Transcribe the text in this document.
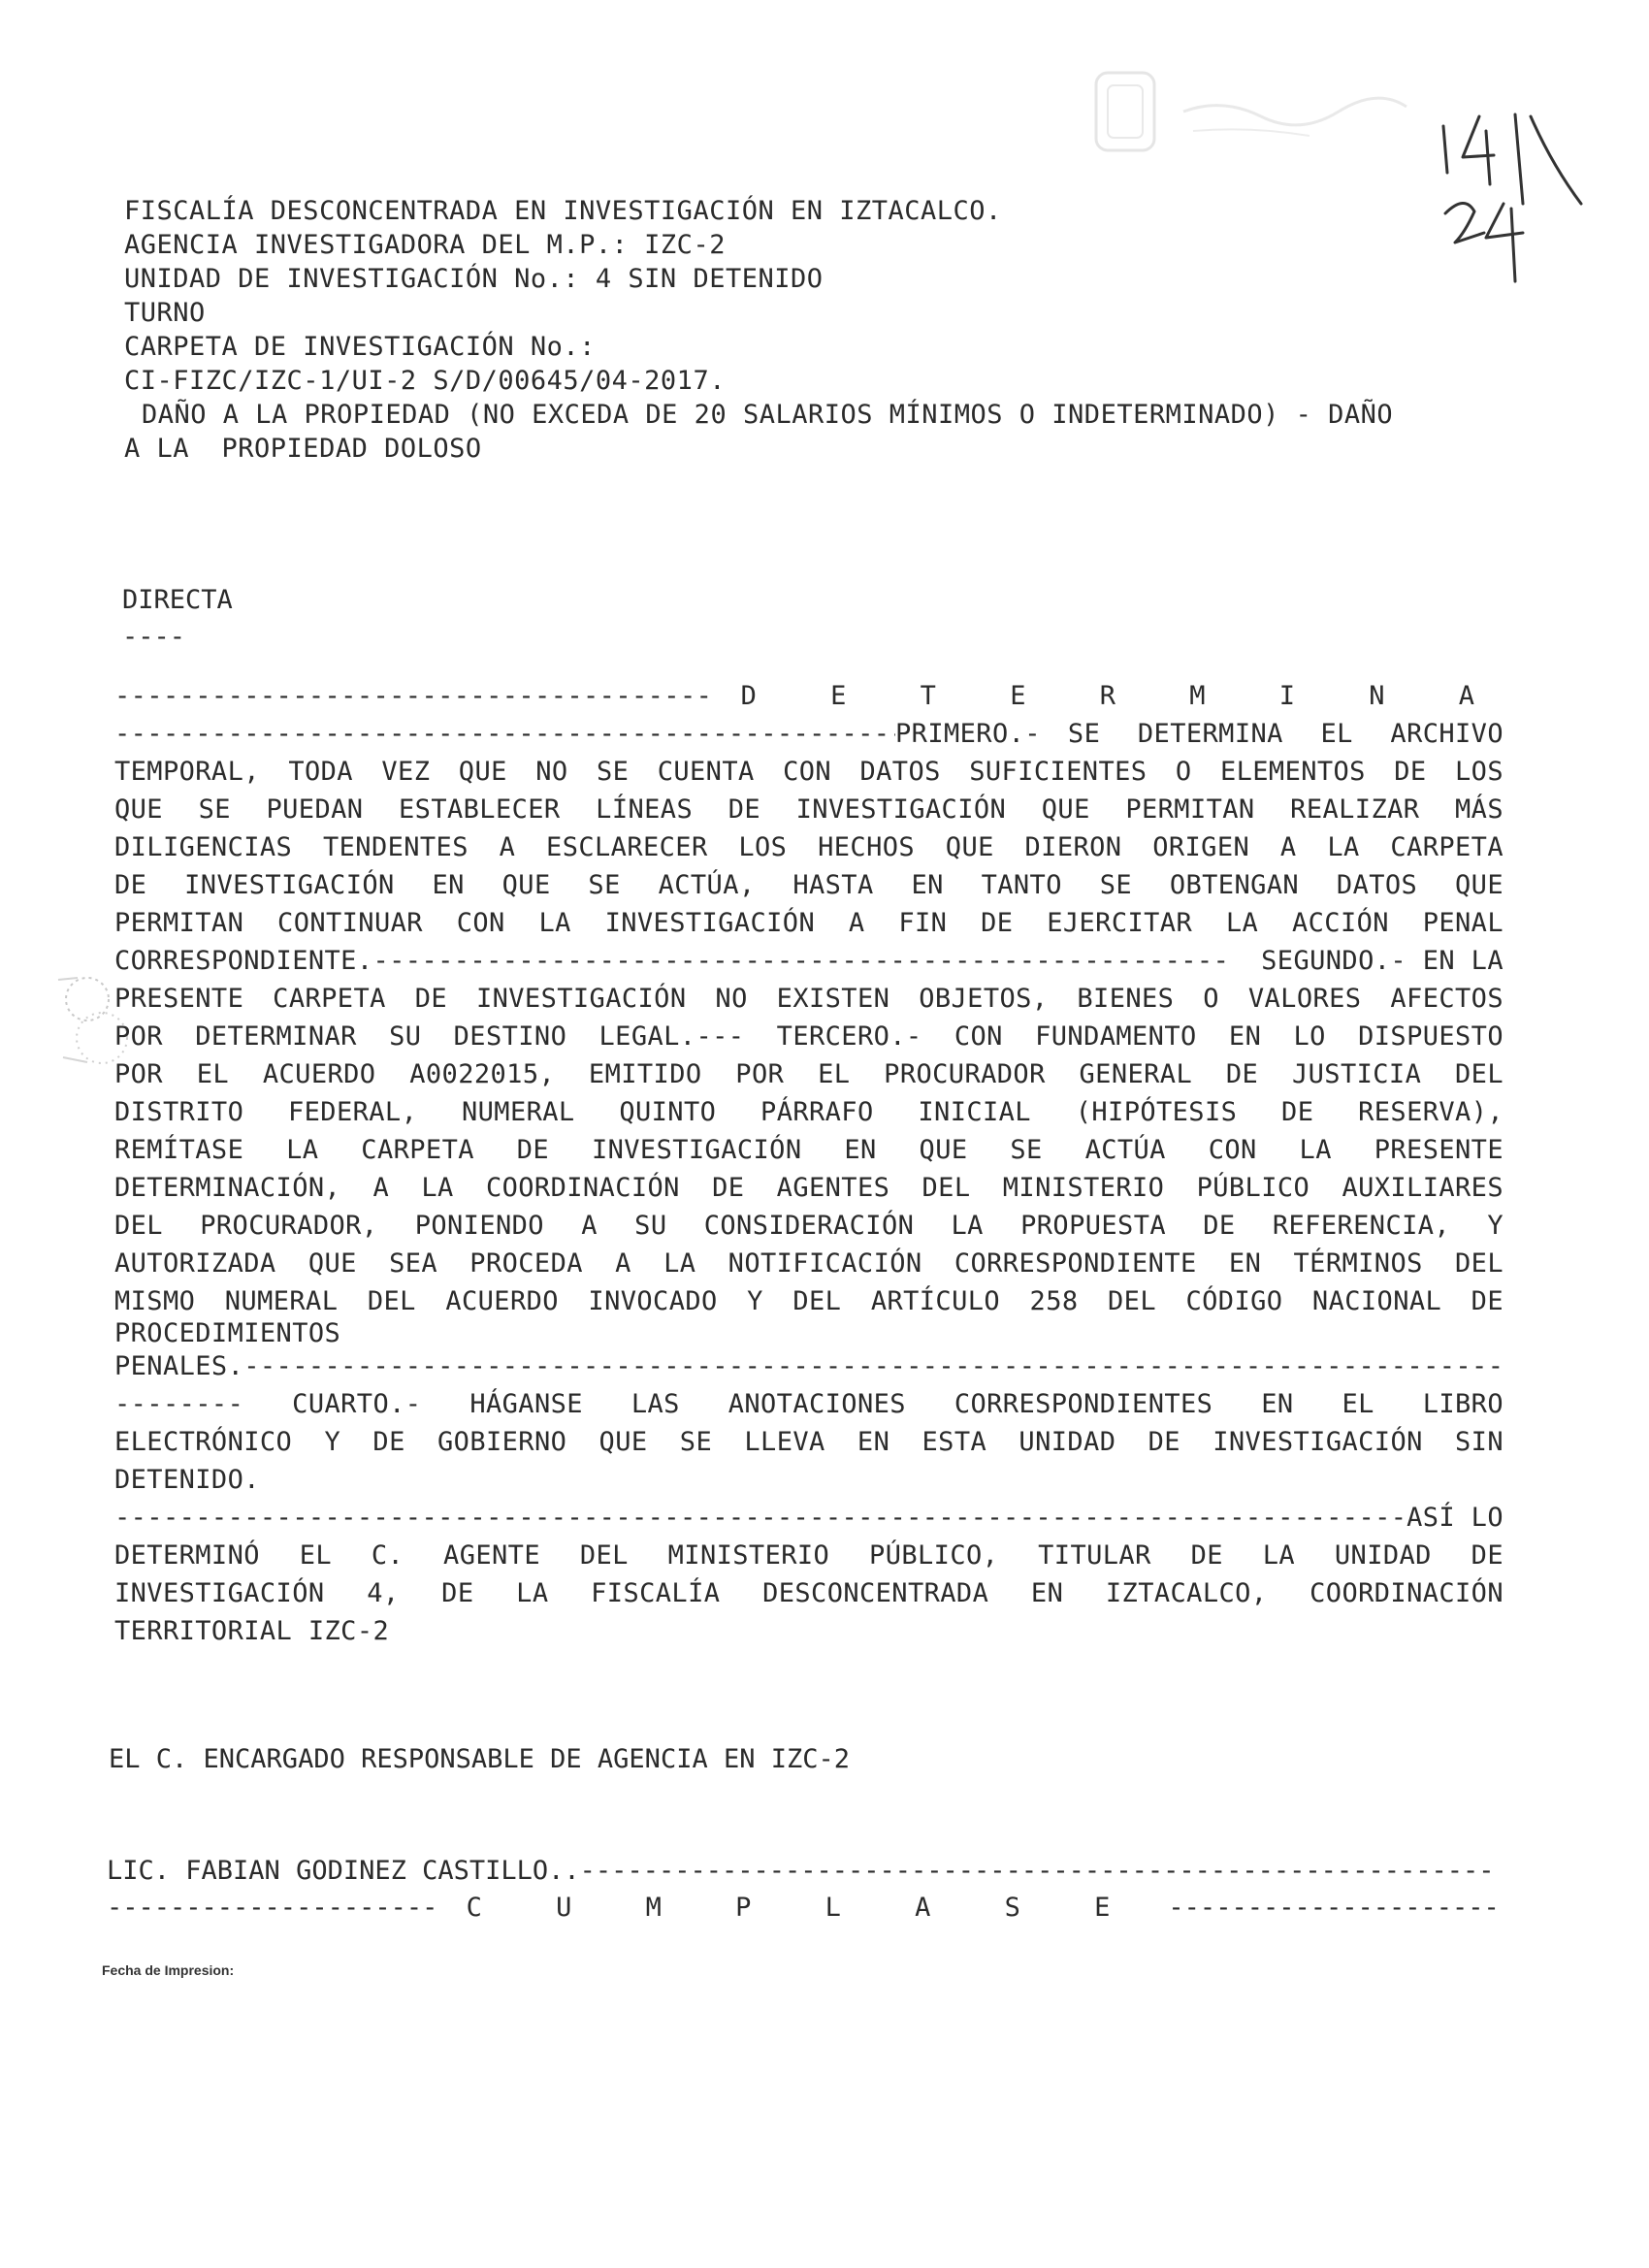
FISCALÍA DESCONCENTRADA EN INVESTIGACIÓN EN IZTACALCO.
AGENCIA INVESTIGADORA DEL M.P.: IZC-2
UNIDAD DE INVESTIGACIÓN No.: 4 SIN DETENIDO
TURNO
CARPETA DE INVESTIGACIÓN No.:
CI-FIZC/IZC-1/UI-2 S/D/00645/04-2017.
DAÑO A LA PROPIEDAD (NO EXCEDA DE 20 SALARIOS MÍNIMOS O INDETERMINADO) - DAÑO
A LA  PROPIEDAD DOLOSO
DIRECTA
----
-----
D E T E R M I N A
-----
PRIMERO.-	SE DETERMINA EL ARCHIVO
TEMPORAL, TODA VEZ QUE NO SE CUENTA CON DATOS SUFICIENTES O ELEMENTOS DE LOS
QUE SE PUEDAN ESTABLECER LÍNEAS DE INVESTIGACIÓN QUE PERMITAN REALIZAR MÁS
DILIGENCIAS TENDENTES A ESCLARECER LOS HECHOS QUE DIERON ORIGEN A LA CARPETA
DE INVESTIGACIÓN EN QUE SE ACTÚA, HASTA EN TANTO SE OBTENGAN DATOS QUE
PERMITAN CONTINUAR CON LA INVESTIGACIÓN A FIN DE EJERCITAR LA ACCIÓN PENAL
CORRESPONDIENTE.
-----	SEGUNDO.- EN LA
PRESENTE CARPETA DE INVESTIGACIÓN NO EXISTEN OBJETOS, BIENES O VALORES AFECTOS
POR DETERMINAR SU DESTINO LEGAL.--- TERCERO.- CON FUNDAMENTO EN LO DISPUESTO
POR EL ACUERDO A0022015, EMITIDO POR EL PROCURADOR GENERAL DE JUSTICIA DEL
DISTRITO FEDERAL, NUMERAL QUINTO PÁRRAFO INICIAL (HIPÓTESIS DE RESERVA),
REMÍTASE LA CARPETA DE INVESTIGACIÓN EN QUE SE ACTÚA CON LA PRESENTE
DETERMINACIÓN, A LA COORDINACIÓN DE AGENTES DEL MINISTERIO PÚBLICO AUXILIARES
DEL PROCURADOR, PONIENDO A SU CONSIDERACIÓN LA PROPUESTA DE REFERENCIA, Y
AUTORIZADA QUE SEA PROCEDA A LA NOTIFICACIÓN CORRESPONDIENTE EN TÉRMINOS DEL
MISMO NUMERAL DEL ACUERDO INVOCADO Y DEL ARTÍCULO 258 DEL CÓDIGO NACIONAL DE
PROCEDIMIENTOS
PENALES.
-----
-------- CUARTO.- HÁGANSE LAS ANOTACIONES CORRESPONDIENTES EN EL LIBRO
ELECTRÓNICO Y DE GOBIERNO QUE SE LLEVA EN ESTA UNIDAD DE INVESTIGACIÓN SIN
DETENIDO.
-----
ASÍ LO
DETERMINÓ EL C. AGENTE DEL MINISTERIO PÚBLICO, TITULAR DE LA UNIDAD DE
INVESTIGACIÓN 4, DE LA FISCALÍA DESCONCENTRADA EN IZTACALCO, COORDINACIÓN
TERRITORIAL IZC-2
EL C. ENCARGADO RESPONSABLE DE AGENCIA EN IZC-2
LIC. FABIAN GODINEZ CASTILLO..
-----
-----
C U M P L A S E
-----
Fecha de Impresion:
